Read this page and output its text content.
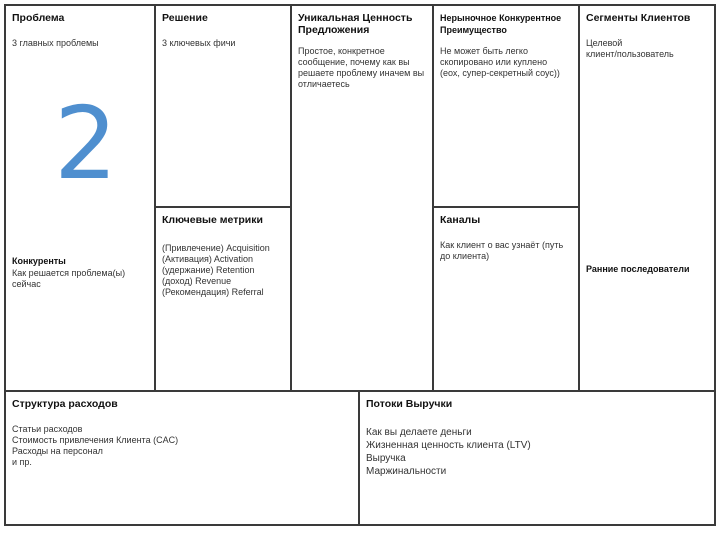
Проблема
3 главных проблемы
2
Конкуренты
Как решается проблема(ы)
сейчас
Решение
3 ключевых фичи
Ключевые метрики
(Привлечение) Acquisition
(Активация) Activation
(удержание) Retention
(доход) Revenue
(Рекомендация) Referral
Уникальная Ценность
Предложения
Простое, конкретное
сообщение, почему как вы
решаете проблему иначем вы
отличаетесь
Нерыночное Конкурентное
Преимущество
Не может быть легко
скопировано или куплено
(еох, супер-секретный соус))
Каналы
Как клиент о вас узнаёт (путь
до клиента)
Сегменты Клиентов
Целевой
клиент/пользователь
Ранние последователи
Структура расходов
Статьи расходов
Стоимость привлечения Клиента (CAC)
Расходы на персонал
и пр.
Потоки Выручки
Как вы делаете деньги
Жизненная ценность клиента (LTV)
Выручка
Маржинальности
